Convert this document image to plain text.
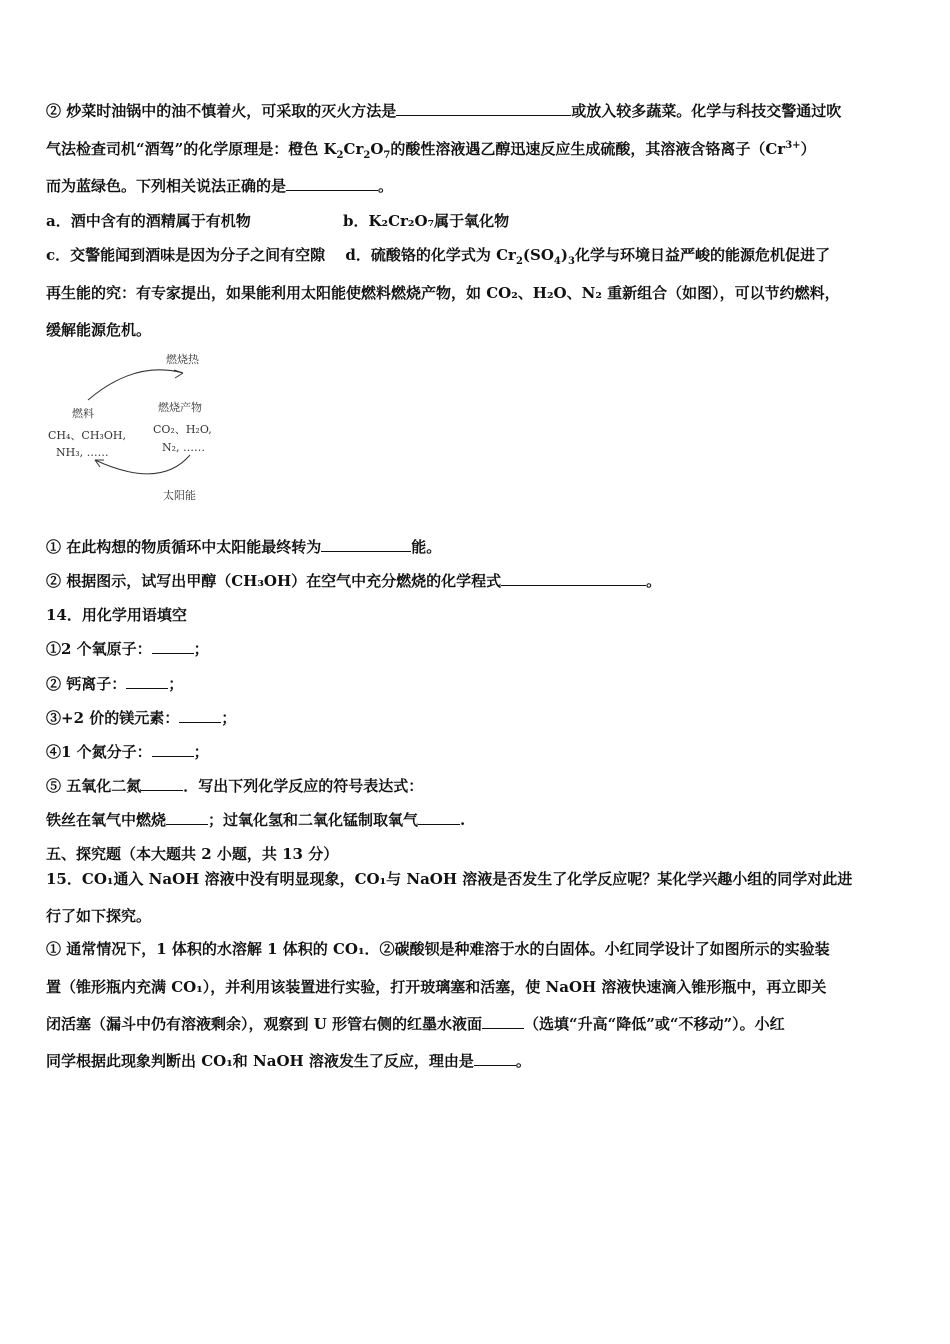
② 炒菜时油锅中的油不慎着火，可采取的灭火方法是	或放入较多蔬菜。化学与科技交警通过吹
气法检查司机“酒驾”的化学原理是：橙色 $K_2Cr_2O_7$的酸性溶液遇乙醇迅速反应生成硫酸，其溶液含铬离子$(Cr^{3+})$
而为蓝绿色。下列相关说法正确的是	。
a．酒中含有的酒精属于有机物	b．K₂Cr₂O₇属于氧化物
c．交警能闻到酒味是因为分子之间有空隙　 d．硫酸铬的化学式为 $Cr_2(SO_4)_3$化学与环境日益严峻的能源危机促进了
再生能的究：有专家提出，如果能利用太阳能使燃料燃烧产物，如 CO₂、H₂O、N₂ 重新组合（如图），可以节约燃料，
缓解能源危机。
燃烧热
燃料
CH₄、CH₃OH,
NH₃, ……
燃烧产物
CO₂、H₂O,
N₂, ……
太阳能
① 在此构想的物质循环中太阳能最终转为	能。
② 根据图示，试写出甲醇（CH₃OH）在空气中充分燃烧的化学程式	。
14．用化学用语填空
①2 个氧原子：	；
② 钙离子：	；
③+2 价的镁元素：	；
④1 个氮分子：	；
⑤ 五氧化二氮	．写出下列化学反应的符号表达式：
铁丝在氧气中燃烧	；过氧化氢和二氧化锰制取氧气	.
五、探究题（本大题共 2 小题，共 13 分）
15．CO₁通入 NaOH 溶液中没有明显现象，CO₁与 NaOH 溶液是否发生了化学反应呢？某化学兴趣小组的同学对此进
行了如下探究。
① 通常情况下，1 体积的水溶解 1 体积的 CO₁．②碳酸钡是种难溶于水的白固体。小红同学设计了如图所示的实验装
置（锥形瓶内充满 CO₁），并利用该装置进行实验，打开玻璃塞和活塞，使 NaOH 溶液快速滴入锥形瓶中，再立即关
闭活塞（漏斗中仍有溶液剩余），观察到 U 形管右侧的红墨水液面	（选填“升高“降低”或“不移动”）。小红
同学根据此现象判断出 CO₁和 NaOH 溶液发生了反应，理由是	。
